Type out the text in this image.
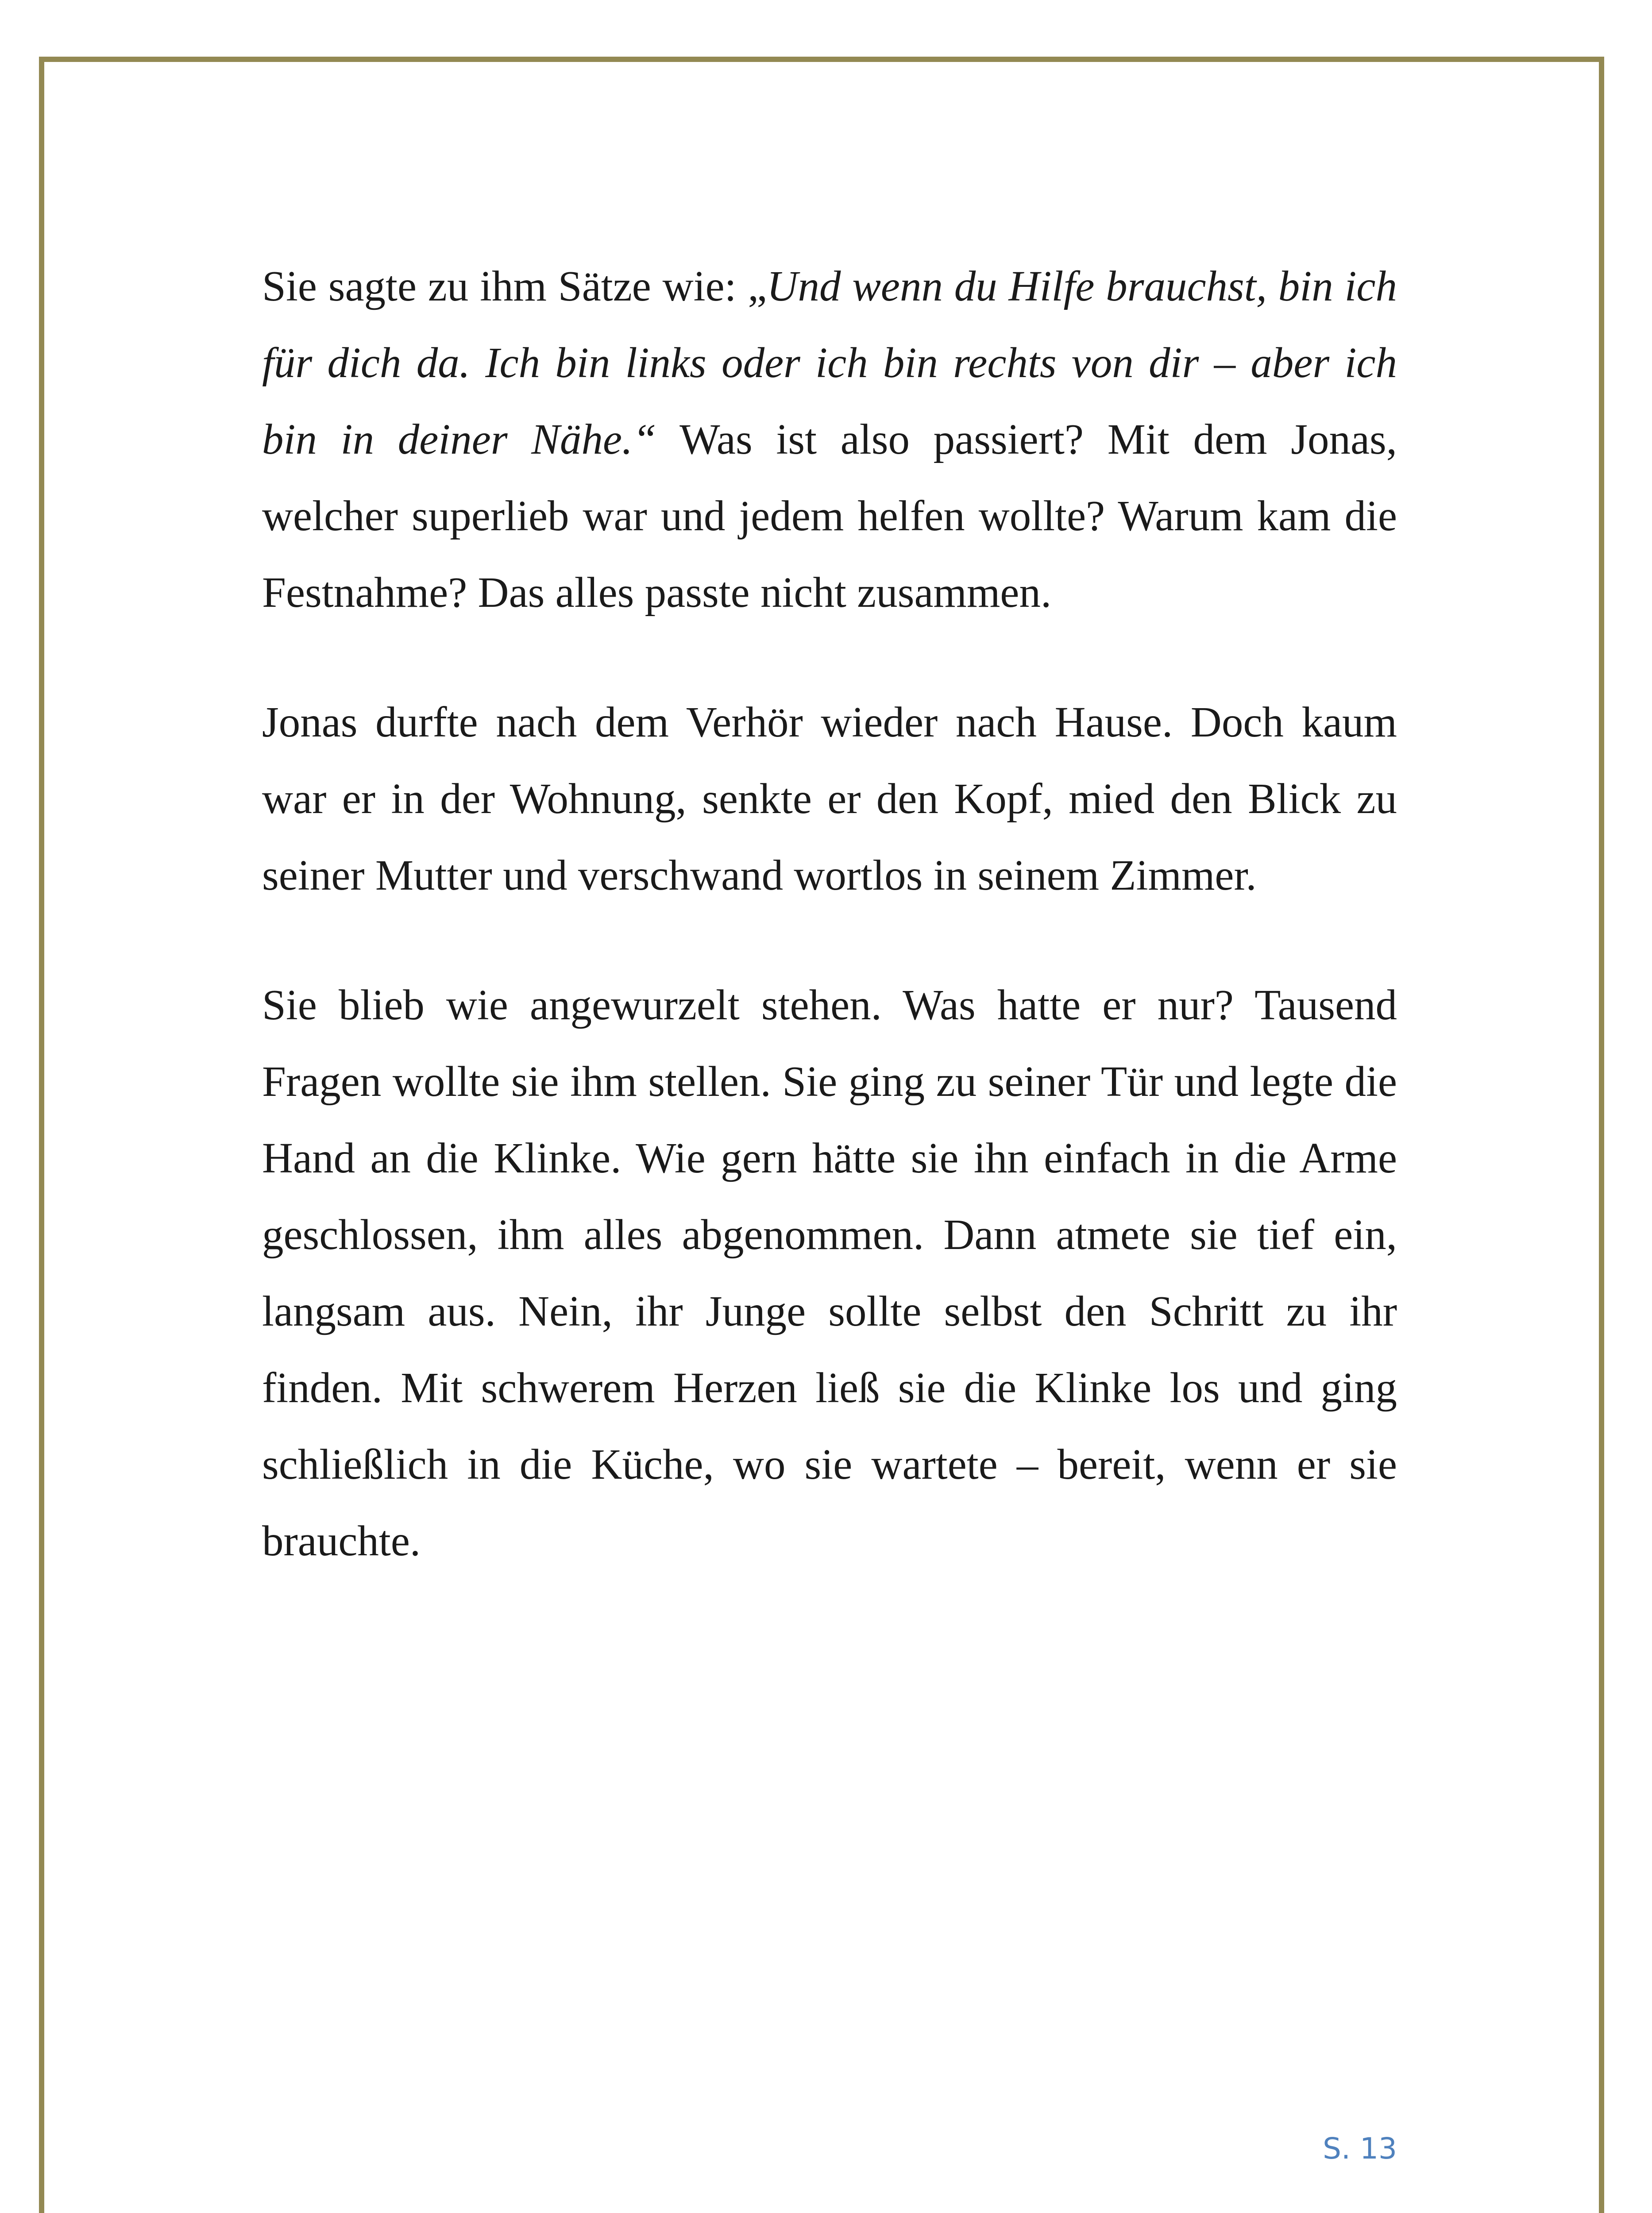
Sie sagte zu ihm Sätze wie: „Und wenn du Hilfe brauchst, bin ich für dich da. Ich bin links oder ich bin rechts von dir – aber ich bin in deiner Nähe.“ Was ist also passiert? Mit dem Jonas, welcher superlieb war und jedem helfen wollte? Warum kam die Festnahme? Das alles passte nicht zusammen.

Jonas durfte nach dem Verhör wieder nach Hause. Doch kaum war er in der Wohnung, senkte er den Kopf, mied den Blick zu seiner Mutter und verschwand wortlos in seinem Zimmer.

Sie blieb wie angewurzelt stehen. Was hatte er nur? Tausend Fragen wollte sie ihm stellen. Sie ging zu seiner Tür und legte die Hand an die Klinke. Wie gern hätte sie ihn einfach in die Arme geschlossen, ihm alles abgenommen. Dann atmete sie tief ein, langsam aus. Nein, ihr Junge sollte selbst den Schritt zu ihr finden. Mit schwerem Herzen ließ sie die Klinke los und ging schließlich in die Küche, wo sie wartete – bereit, wenn er sie brauchte.

S. 13
